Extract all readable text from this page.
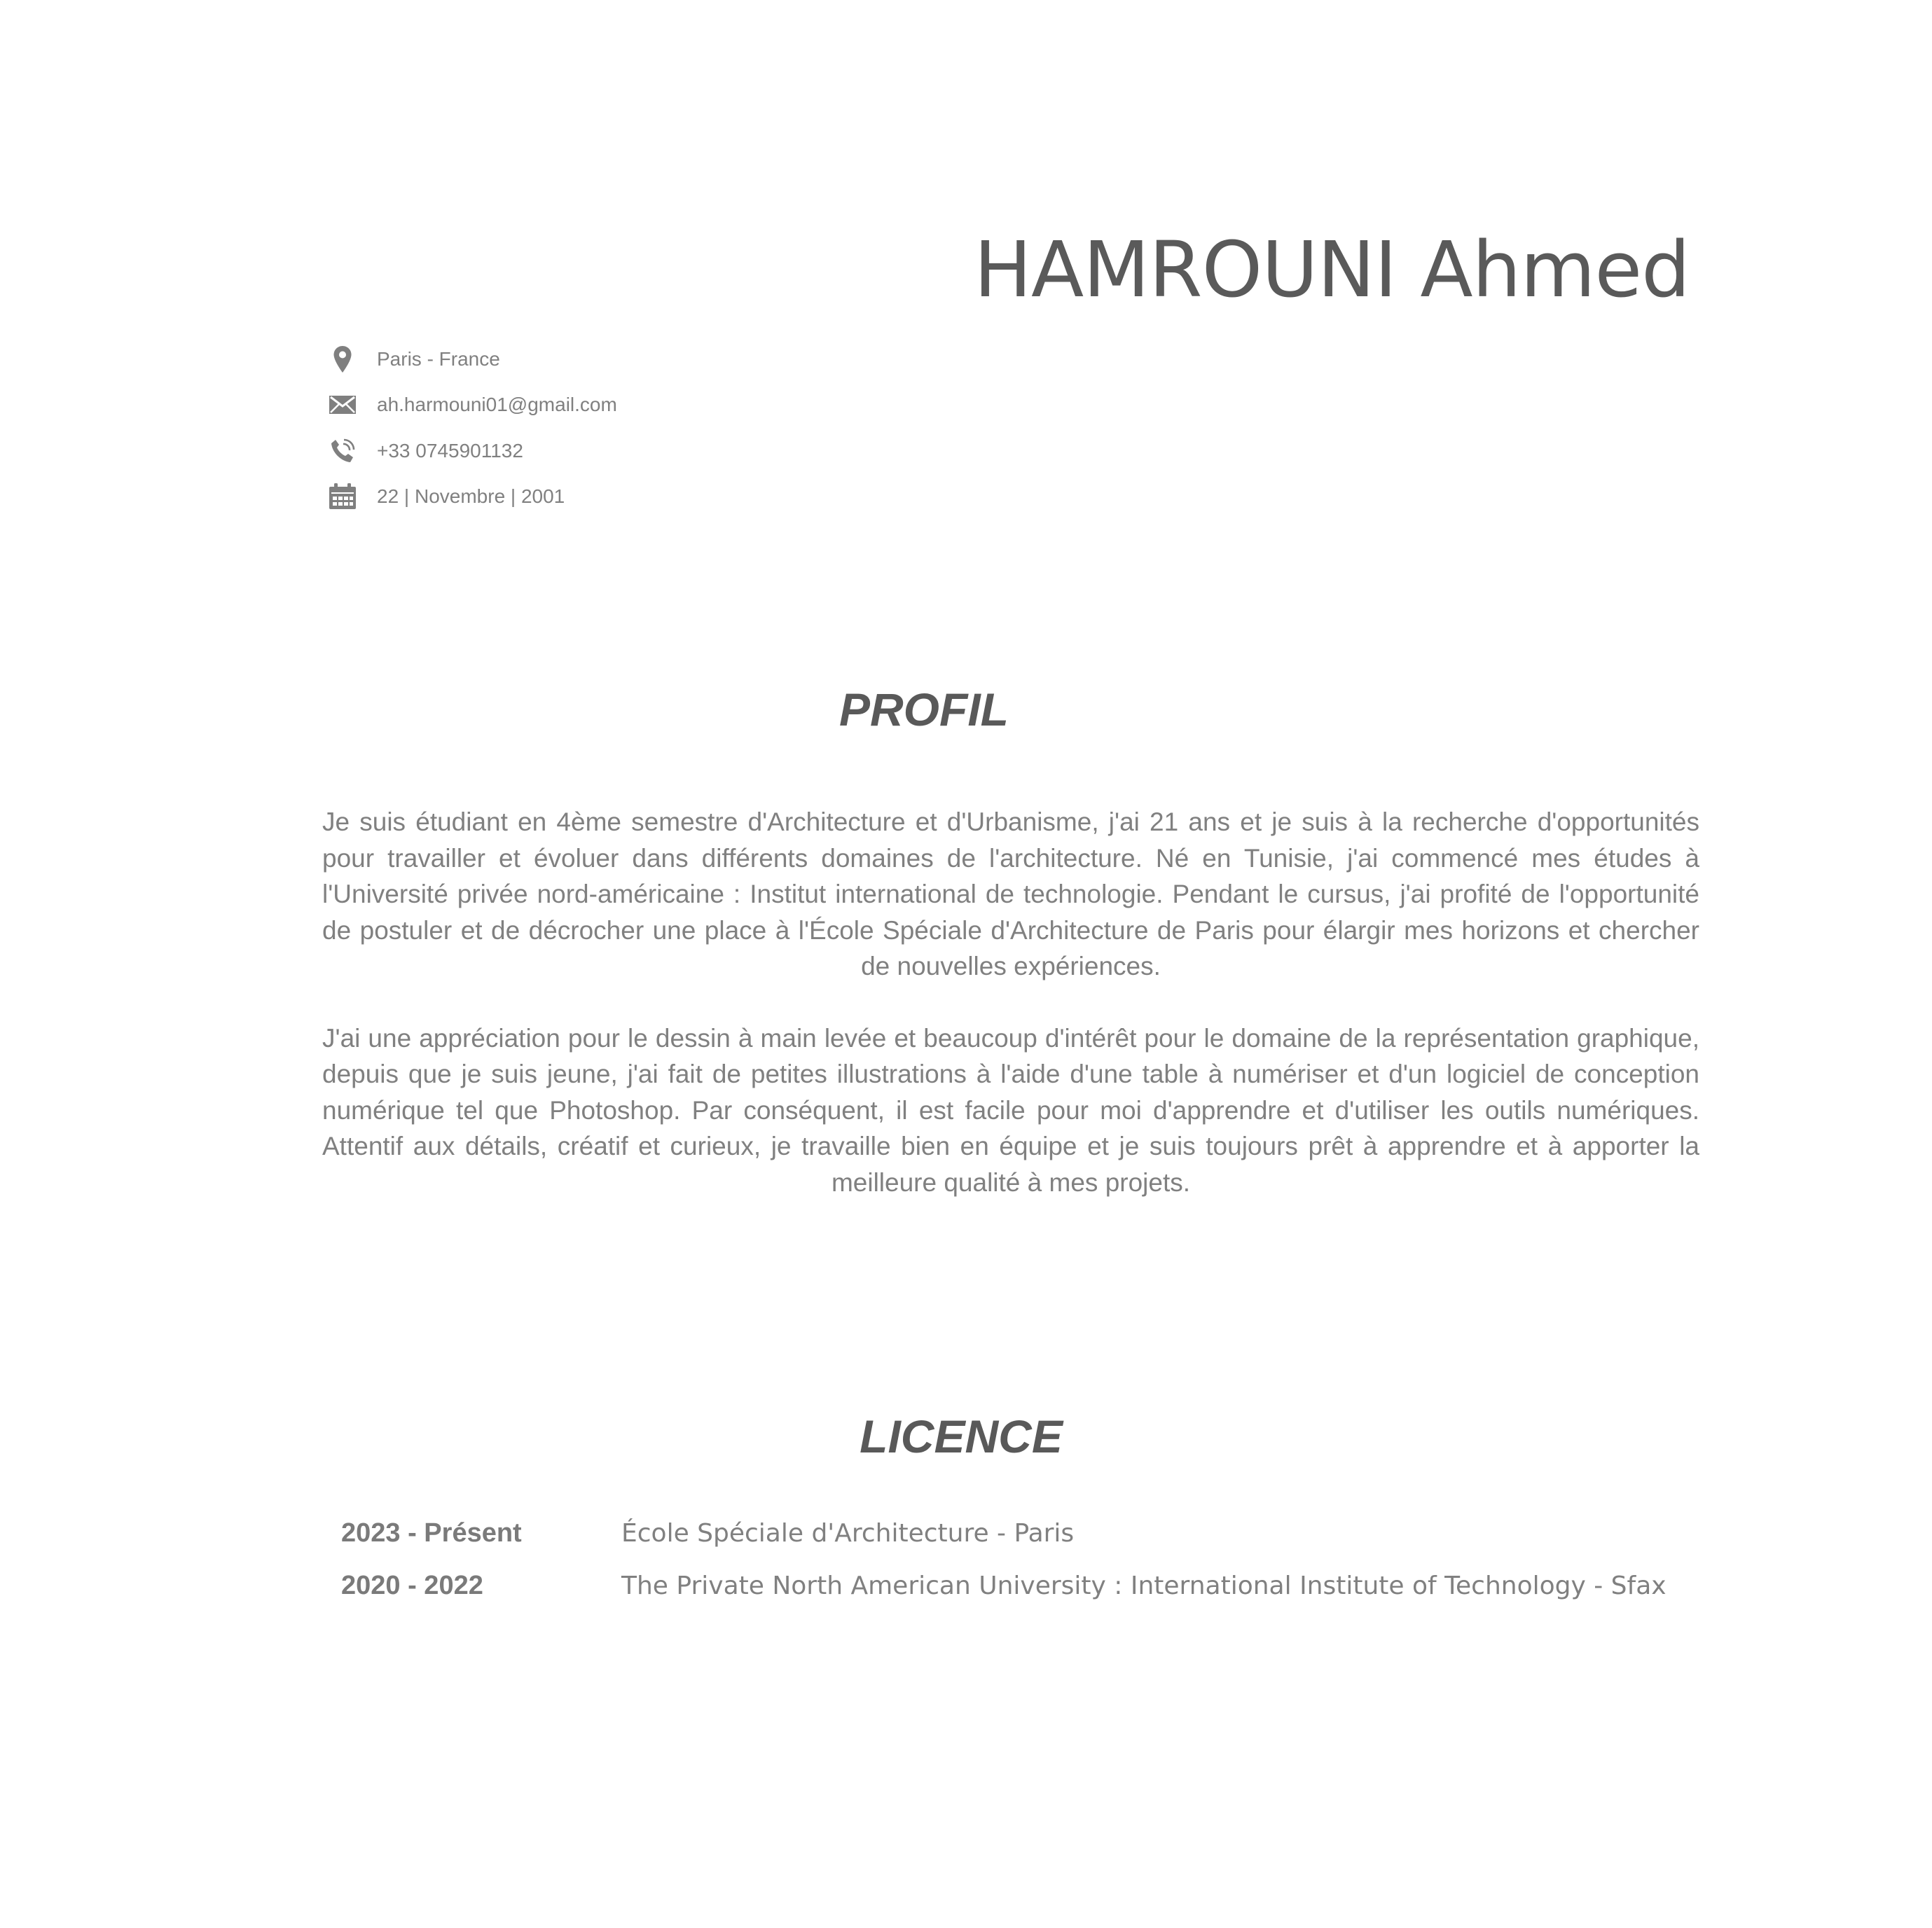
HAMROUNI Ahmed
Paris - France
ah.harmouni01@gmail.com
+33 0745901132
22 | Novembre | 2001
PROFIL

Je suis étudiant en 4ème semestre d'Architecture et d'Urbanisme, j'ai 21 ans et je suis à la recherche d'opportunités pour travailler et évoluer dans différents domaines de l'architecture. Né en Tunisie, j'ai commencé mes études à l'Université privée nord-américaine : Institut international de technologie. Pendant le cursus, j'ai profité de l'opportunité de postuler et de décrocher une place à l'École Spéciale d'Architecture de Paris pour élargir mes horizons et chercher de nouvelles expériences.

J'ai une appréciation pour le dessin à main levée et beaucoup d'intérêt pour le domaine de la représentation graphique, depuis que je suis jeune, j'ai fait de petites illustrations à l'aide d'une table à numériser et d'un logiciel de conception numérique tel que Photoshop. Par conséquent, il est facile pour moi d'apprendre et d'utiliser les outils numériques. Attentif aux détails, créatif et curieux, je travaille bien en équipe et je suis toujours prêt à apprendre et à apporter la meilleure qualité à mes projets.

LICENCE
2023 - Présent	École Spéciale d'Architecture - Paris
2020 - 2022	The Private North American University : International Institute of Technology - Sfax
